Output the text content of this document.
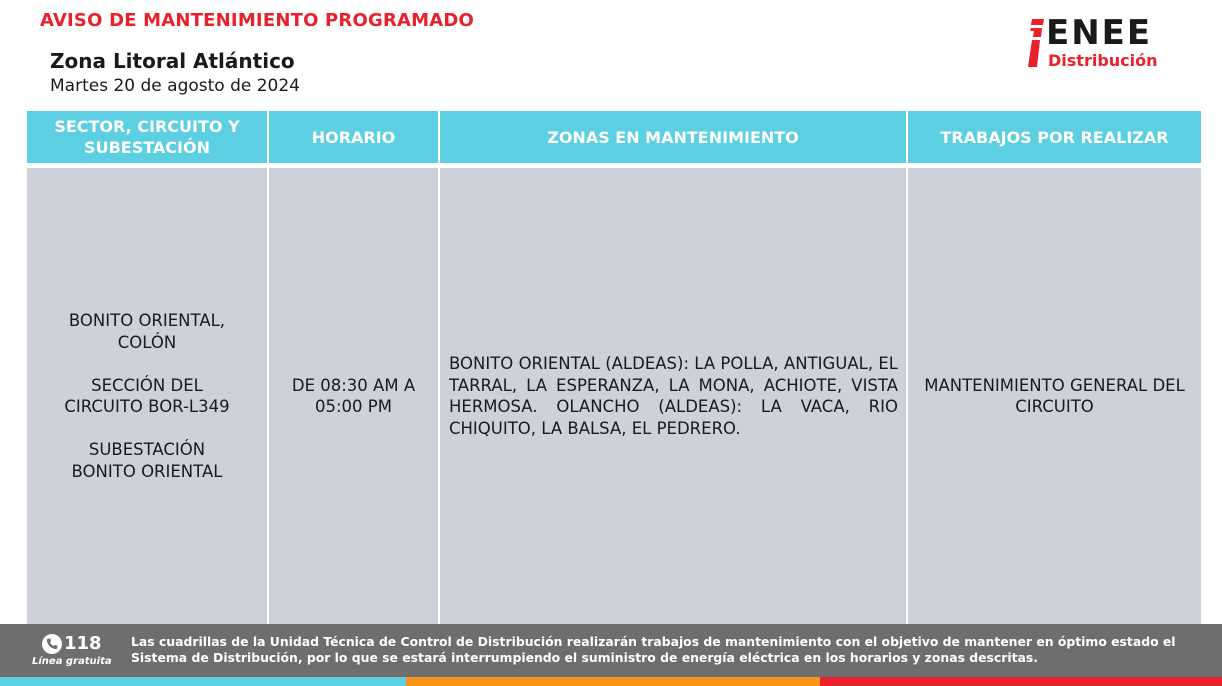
AVISO DE MANTENIMIENTO PROGRAMADO
Zona Litoral Atlántico
Martes 20 de agosto de 2024
ENEE
Distribución
SECTOR, CIRCUITO Y SUBESTACIÓN
HORARIO	ZONAS EN MANTENIMIENTO	TRABAJOS POR REALIZAR
BONITO ORIENTAL,
COLÓN
SECCIÓN DEL
CIRCUITO BOR-L349
SUBESTACIÓN
BONITO ORIENTAL
DE 08:30 AM A 05:00 PM
BONITO ORIENTAL (ALDEAS): LA POLLA, ANTIGUAL, EL TARRAL, LA ESPERANZA, LA MONA, ACHIOTE, VISTA HERMOSA. OLANCHO (ALDEAS): LA VACA, RIO CHIQUITO, LA BALSA, EL PEDRERO.
MANTENIMIENTO GENERAL DEL CIRCUITO
118
Línea gratuita
Las cuadrillas de la Unidad Técnica de Control de Distribución realizarán trabajos de mantenimiento con el objetivo de mantener en óptimo estado el Sistema de Distribución, por lo que se estará interrumpiendo el suministro de energía eléctrica en los horarios y zonas descritas.
